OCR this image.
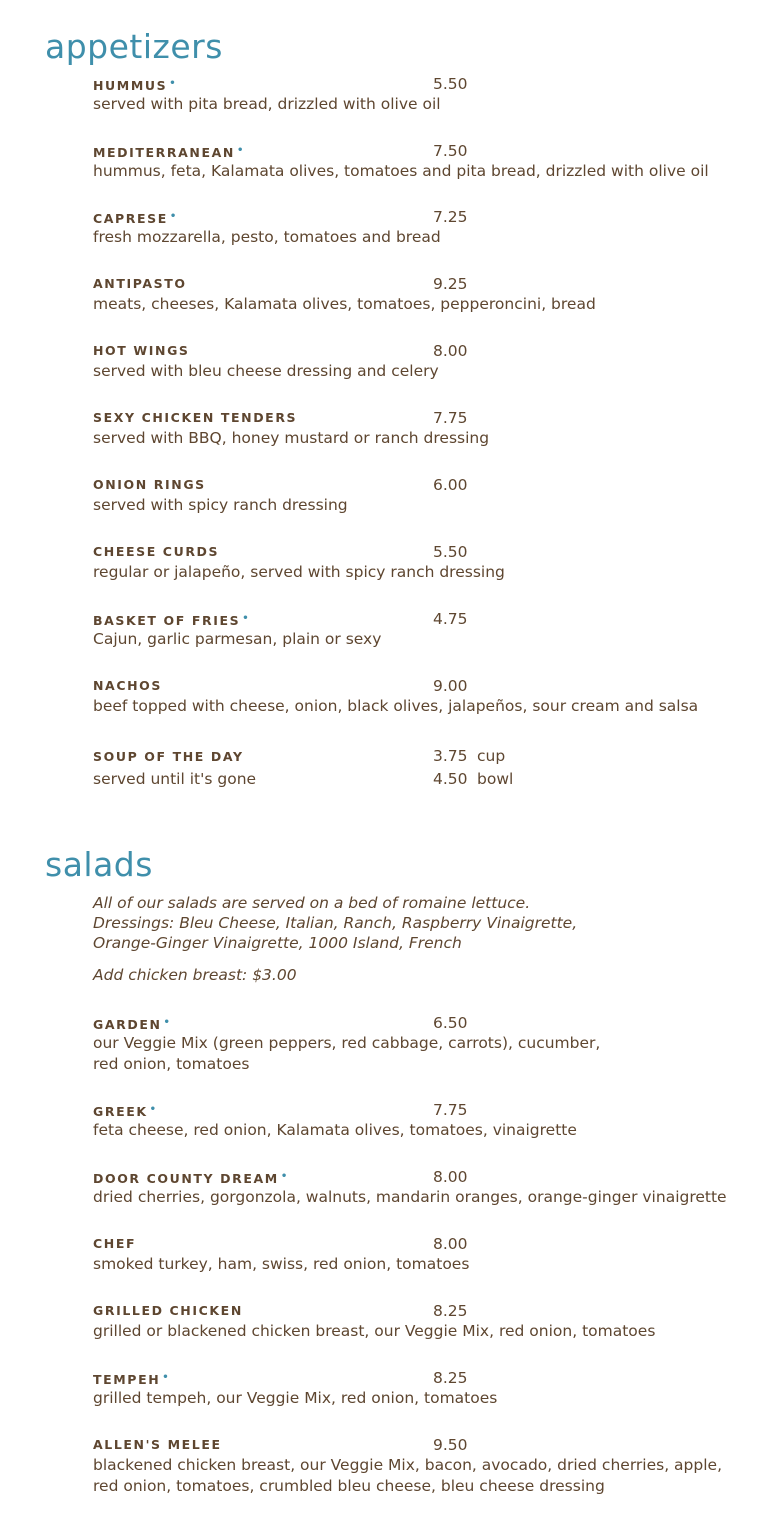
appetizers
HUMMUS •	5.50
served with pita bread, drizzled with olive oil
MEDITERRANEAN •	7.50
hummus, feta, Kalamata olives, tomatoes and pita bread, drizzled with olive oil
CAPRESE •	7.25
fresh mozzarella, pesto, tomatoes and bread
ANTIPASTO	9.25
meats, cheeses, Kalamata olives, tomatoes, pepperoncini, bread
HOT WINGS	8.00
served with bleu cheese dressing and celery
SEXY CHICKEN TENDERS	7.75
served with BBQ, honey mustard or ranch dressing
ONION RINGS	6.00
served with spicy ranch dressing
CHEESE CURDS	5.50
regular or jalapeño, served with spicy ranch dressing
BASKET OF FRIES •	4.75
Cajun, garlic parmesan, plain or sexy
NACHOS	9.00
beef topped with cheese, onion, black olives, jalapeños, sour cream and salsa
SOUP OF THE DAY	3.75 cup
served until it's gone	4.50 bowl
salads
All of our salads are served on a bed of romaine lettuce.
Dressings: Bleu Cheese, Italian, Ranch, Raspberry Vinaigrette,
Orange-Ginger Vinaigrette, 1000 Island, French
Add chicken breast: $3.00
GARDEN •	6.50
our Veggie Mix (green peppers, red cabbage, carrots), cucumber,
red onion, tomatoes
GREEK •	7.75
feta cheese, red onion, Kalamata olives, tomatoes, vinaigrette
DOOR COUNTY DREAM •	8.00
dried cherries, gorgonzola, walnuts, mandarin oranges, orange-ginger vinaigrette
CHEF	8.00
smoked turkey, ham, swiss, red onion, tomatoes
GRILLED CHICKEN	8.25
grilled or blackened chicken breast, our Veggie Mix, red onion, tomatoes
TEMPEH •	8.25
grilled tempeh, our Veggie Mix, red onion, tomatoes
ALLEN'S MELEE	9.50
blackened chicken breast, our Veggie Mix, bacon, avocado, dried cherries, apple,
red onion, tomatoes, crumbled bleu cheese, bleu cheese dressing
